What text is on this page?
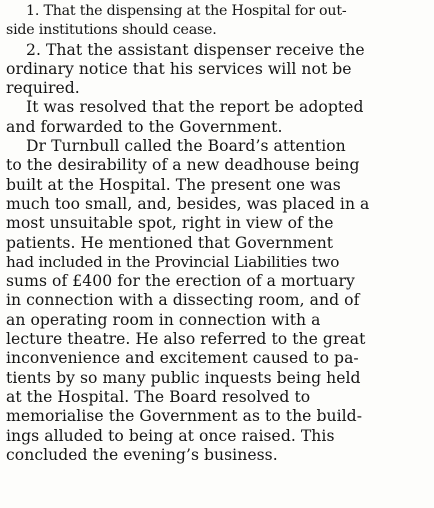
1. That the dispensing at the Hospital for out-
side institutions should cease.
2. That the assistant dispenser receive the
ordinary notice that his services will not be
required.
It was resolved that the report be adopted
and forwarded to the Government.
Dr Turnbull called the Board’s attention
to the desirability of a new deadhouse being
built at the Hospital. The present one was
much too small, and, besides, was placed in a
most unsuitable spot, right in view of the
patients. He mentioned that Government
had included in the Provincial Liabilities two
sums of £400 for the erection of a mortuary
in connection with a dissecting room, and of
an operating room in connection with a
lecture theatre. He also referred to the great
inconvenience and excitement caused to pa-
tients by so many public inquests being held
at the Hospital. The Board resolved to
memorialise the Government as to the build-
ings alluded to being at once raised. This
concluded the evening’s business.
